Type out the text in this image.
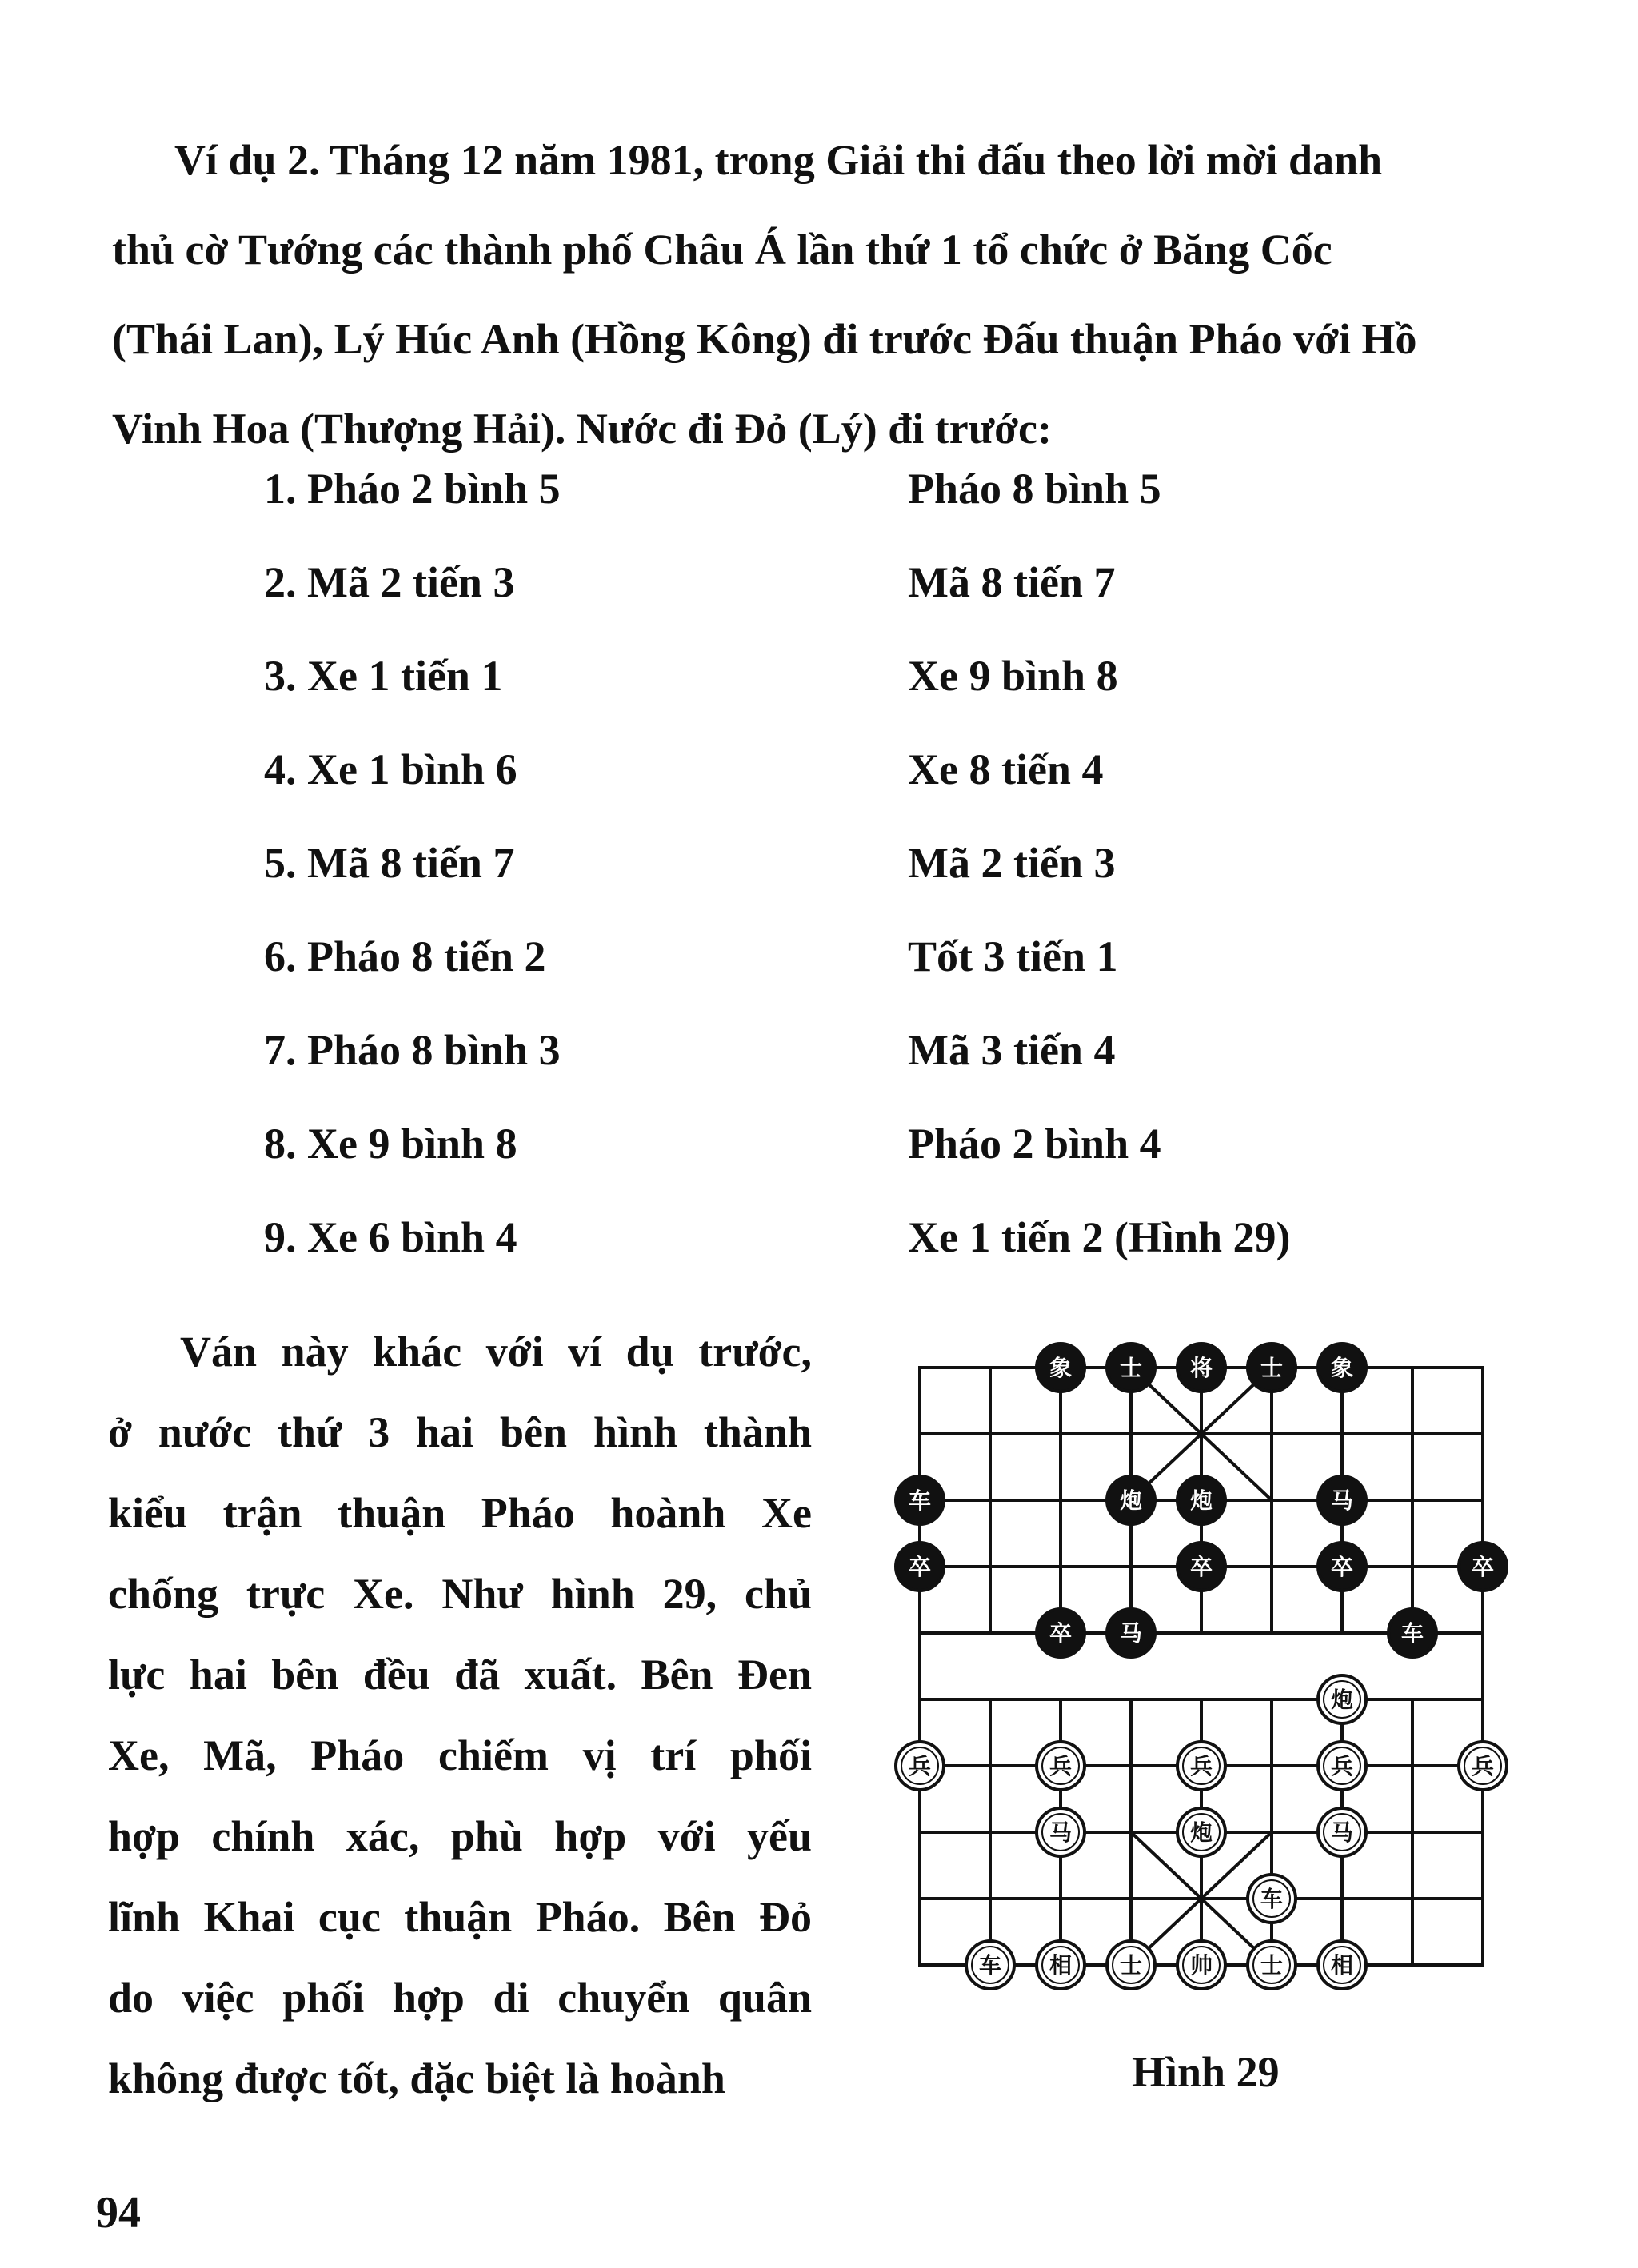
Ví dụ 2. Tháng 12 năm 1981, trong Giải thi đấu theo lời mời danh
thủ cờ Tướng các thành phố Châu Á lần thứ 1 tổ chức ở Băng Cốc
(Thái Lan), Lý Húc Anh (Hồng Kông) đi trước Đấu thuận Pháo với Hồ
Vinh Hoa (Thượng Hải). Nước đi Đỏ (Lý) đi trước:
1. Pháo 2 bình 5	Pháo 8 bình 5
2. Mã 2 tiến 3	Mã 8 tiến 7
3. Xe 1 tiến 1	Xe 9 bình 8
4. Xe 1 bình 6	Xe 8 tiến 4
5. Mã 8 tiến 7	Mã 2 tiến 3
6. Pháo 8 tiến 2	Tốt 3 tiến 1
7. Pháo 8 bình 3	Mã 3 tiến 4
8. Xe 9 bình 8	Pháo 2 bình 4
9. Xe 6 bình 4	Xe 1 tiến 2 (Hình 29)
Ván này khác với ví dụ trước,
ở nước thứ 3 hai bên hình thành
kiểu trận thuận Pháo hoành Xe
chống trực Xe. Như hình 29, chủ
lực hai bên đều đã xuất. Bên Đen
Xe, Mã, Pháo chiếm vị trí phối
hợp chính xác, phù hợp với yếu
lĩnh Khai cục thuận Pháo. Bên Đỏ
do việc phối hợp di chuyển quân
không được tốt, đặc biệt là hoành
象 士 将 士 象
车	炮 炮	马
卒	卒	卒	卒
卒 马	车
炮
兵	兵	兵	兵	兵
马	炮	马
车
车 相 士 帅 士 相
Hình 29
94
